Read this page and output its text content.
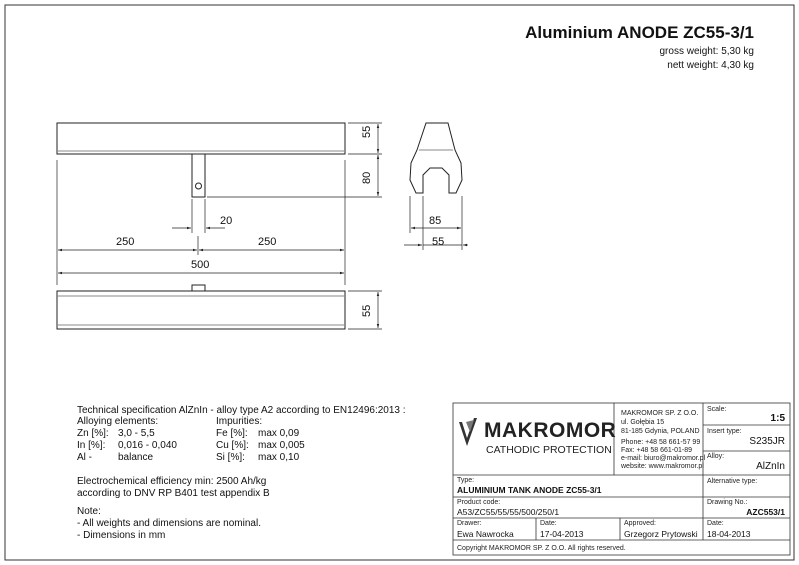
Aluminium ANODE ZC55-3/1
gross weight: 5,30 kg
nett weight: 4,30 kg
55
80
20
250	250
500
85
55
55
Technical specification AlZnIn - alloy type A2 according to EN12496:2013 :
Alloying elements:	Impurities:
Zn [%]: 3,0 - 5,5	Fe [%]: max 0,09
In [%]: 0,016 - 0,040	Cu [%]: max 0,005
Al -	balance	Si [%]: max 0,10
Electrochemical efficiency min: 2500 Ah/kg
according to DNV RP B401 test appendix B
Note:
- All weights and dimensions are nominal.
- Dimensions in mm
MAKROMOR
CATHODIC PROTECTION
MAKROMOR SP. Z O.O.
ul. Gołębia 15
81-185 Gdynia, POLAND
Phone: +48 58 661-57 99
Fax: +48 58 661-01-89
e-mail: biuro@makromor.pl
website: www.makromor.pl
Scale:
1:5
Insert type:
S235JR
Alloy:
AlZnIn
Alternative type:
Type:
ALUMINIUM TANK ANODE ZC55-3/1
Product code:
A53/ZC55/55/55/500/250/1
Drawing No.:
AZC553/1
Drawer:
Ewa Nawrocka
Date:
17-04-2013
Approved:
Grzegorz Prytowski
Date:
18-04-2013
Copyright MAKROMOR SP. Z O.O. All rights reserved.
